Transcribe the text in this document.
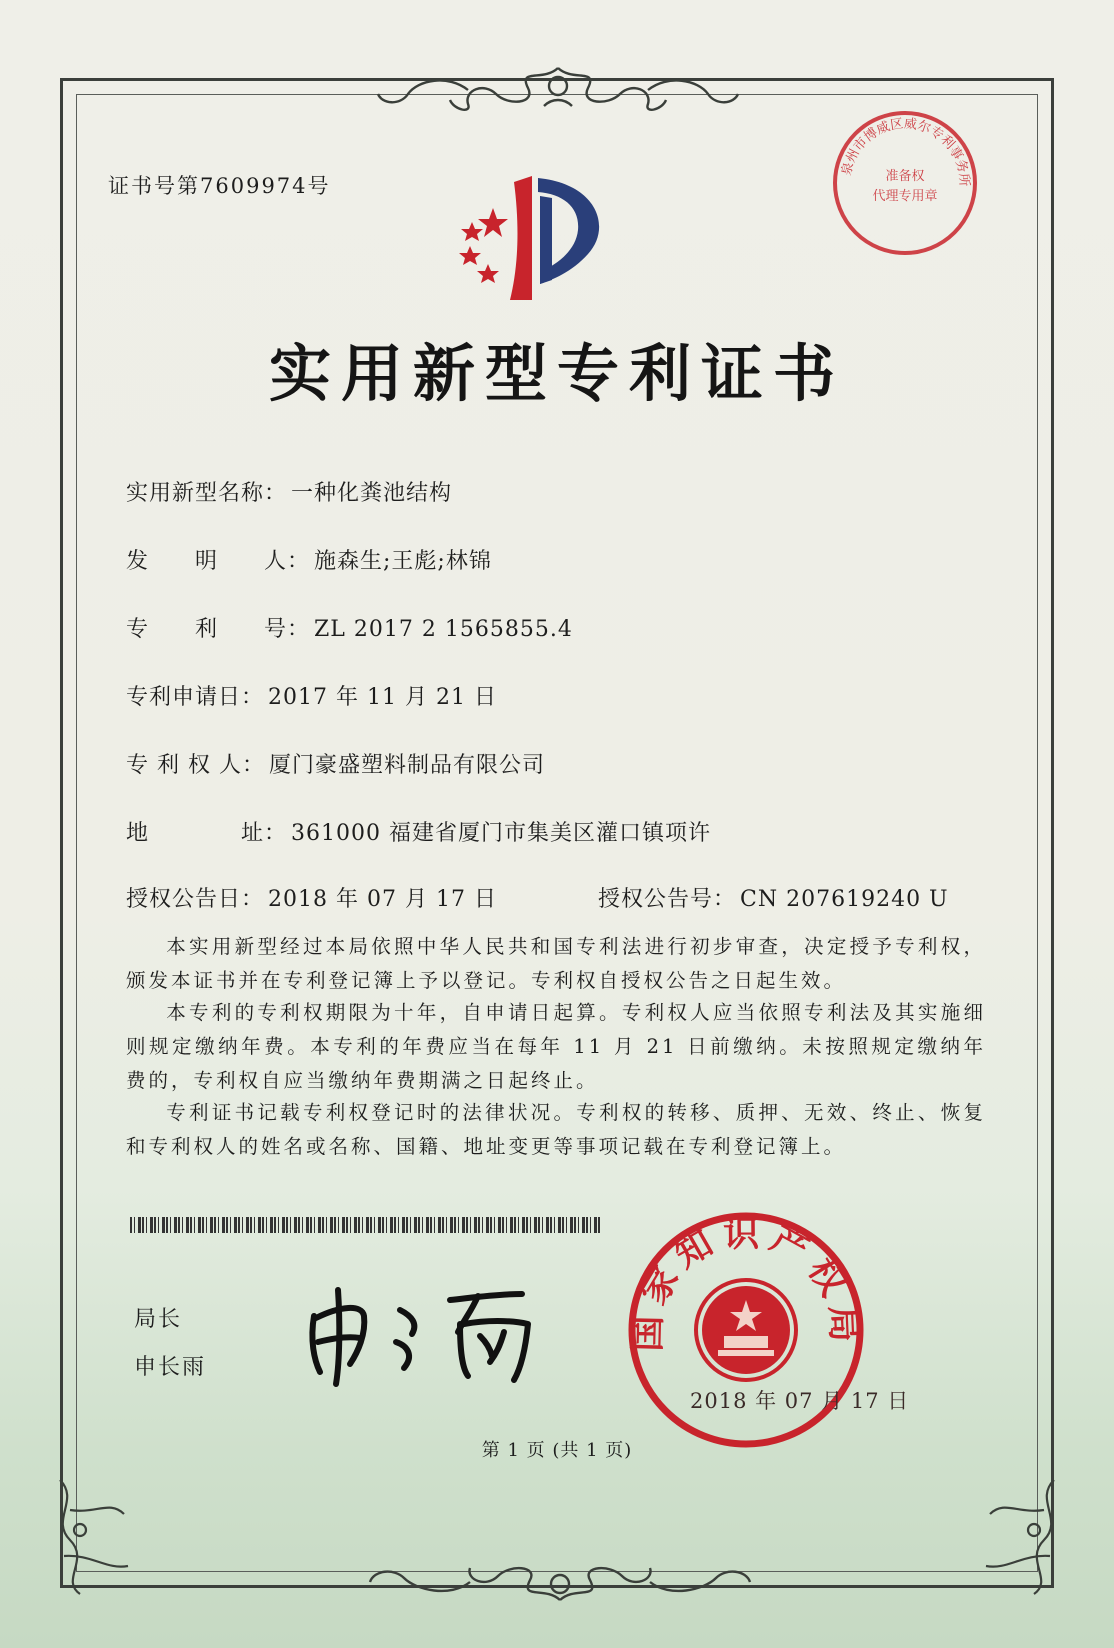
证书号第7609974号
泉州市博威区威尔专利事务所
准备权
代理专用章
实用新型专利证书
实用新型名称： 一种化粪池结构
发　　明　　人： 施森生;王彪;林锦
专　　利　　号： ZL 2017 2 1565855.4
专利申请日： 2017 年 11 月 21 日
专 利 权 人： 厦门豪盛塑料制品有限公司
地　　　　址： 361000 福建省厦门市集美区灌口镇项许
授权公告日： 2018 年 07 月 17 日	授权公告号： CN 207619240 U
本实用新型经过本局依照中华人民共和国专利法进行初步审查，决定授予专利权，颁发本证书并在专利登记簿上予以登记。专利权自授权公告之日起生效。
本专利的专利权期限为十年，自申请日起算。专利权人应当依照专利法及其实施细则规定缴纳年费。本专利的年费应当在每年 11 月 21 日前缴纳。未按照规定缴纳年费的，专利权自应当缴纳年费期满之日起终止。
专利证书记载专利权登记时的法律状况。专利权的转移、质押、无效、终止、恢复和专利权人的姓名或名称、国籍、地址变更等事项记载在专利登记簿上。
局长
申长雨
国家知识产权局
2018 年 07 月 17 日
第 1 页 (共 1 页)
